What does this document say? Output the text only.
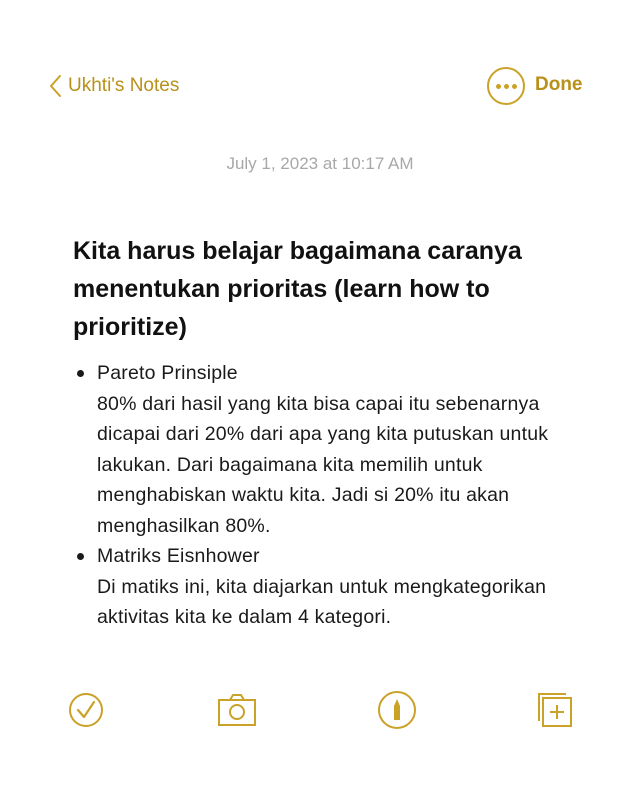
Ukhti's Notes	Done
July 1, 2023 at 10:17 AM
Kita harus belajar bagaimana caranya menentukan prioritas (learn how to prioritize)
Pareto Prinsiple
80% dari hasil yang kita bisa capai itu sebenarnya dicapai dari 20% dari apa yang kita putuskan untuk lakukan. Dari bagaimana kita memilih untuk menghabiskan waktu kita. Jadi si 20% itu akan menghasilkan 80%.
Matriks Eisnhower
Di matiks ini, kita diajarkan untuk mengkategorikan aktivitas kita ke dalam 4 kategori.
